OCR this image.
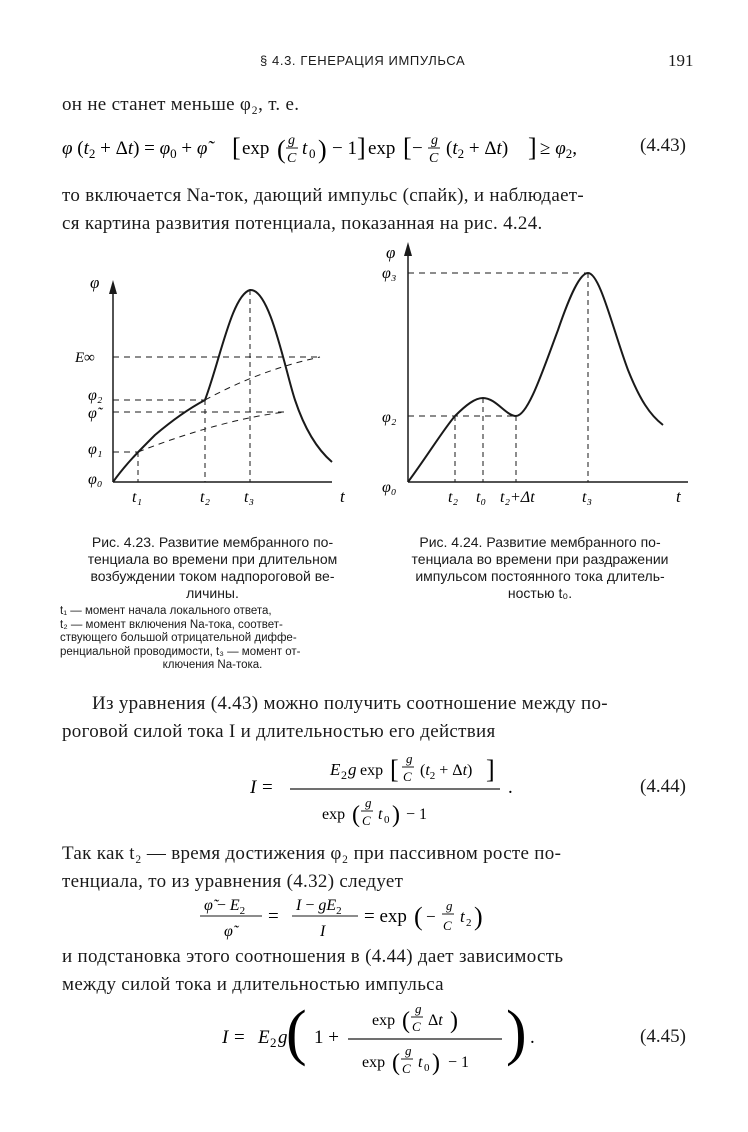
§ 4.3. ГЕНЕРАЦИЯ ИМПУЛЬСА	191
он не станет меньше φ₂, т. е.
φ $(t_2 + \Delta t) = \varphi_0$ + φ̃ [ exp ( g
C t 0 ) − 1 ] exp [ − g
C $(t_2 + \Delta t)$ ] ≥ $\varphi_2$,	(4.43)
то включается Na-ток, дающий импульс (спайк), и наблюдает-
ся картина развития потенциала, показанная на рис. 4.24.
φ
E∞
φ₂
φ̃
φ₁
φ₀
t₁	t₂ t₃	t
φ
φ₃
φ₂
φ₀
t₂ t₀ t₂+Δt	t₃	t
Рис. 4.23. Развитие мембранного по-
тенциала во времени при длительном
возбуждении током надпороговой ве-
личины.
t₁ — момент начала локального ответа,
t₂ — момент включения Na-тока, соответ-
ствующего большой отрицательной диффе-
ренциальной проводимости, t₃ — момент от-
ключения Na-тока.
Рис. 4.24. Развитие мембранного по-
тенциала во времени при раздражении
импульсом постоянного тока длитель-
ностью t₀.
Из уравнения (4.43) можно получить соотношение между по-
роговой силой тока I и длительностью его действия
I =
E 2 g exp [ g
C $(t_2 + \Delta t)$ ]
exp ( g
C t 0 ) − 1
.	(4.44)
Так как t₂ — время достижения φ₂ при пассивном росте по-
тенциала, то из уравнения (4.32) следует
φ̃ − $E_2$
φ̃
=
$I - gE_2$
I
= exp ( −
g
C t 2 )
и подстановка этого соотношения в (4.44) дает зависимость
между силой тока и длительностью импульса
I = E 2 g
( 1 +
exp ( g
C Δt )
exp ( g
C t 0 ) − 1 ) .	(4.45)
